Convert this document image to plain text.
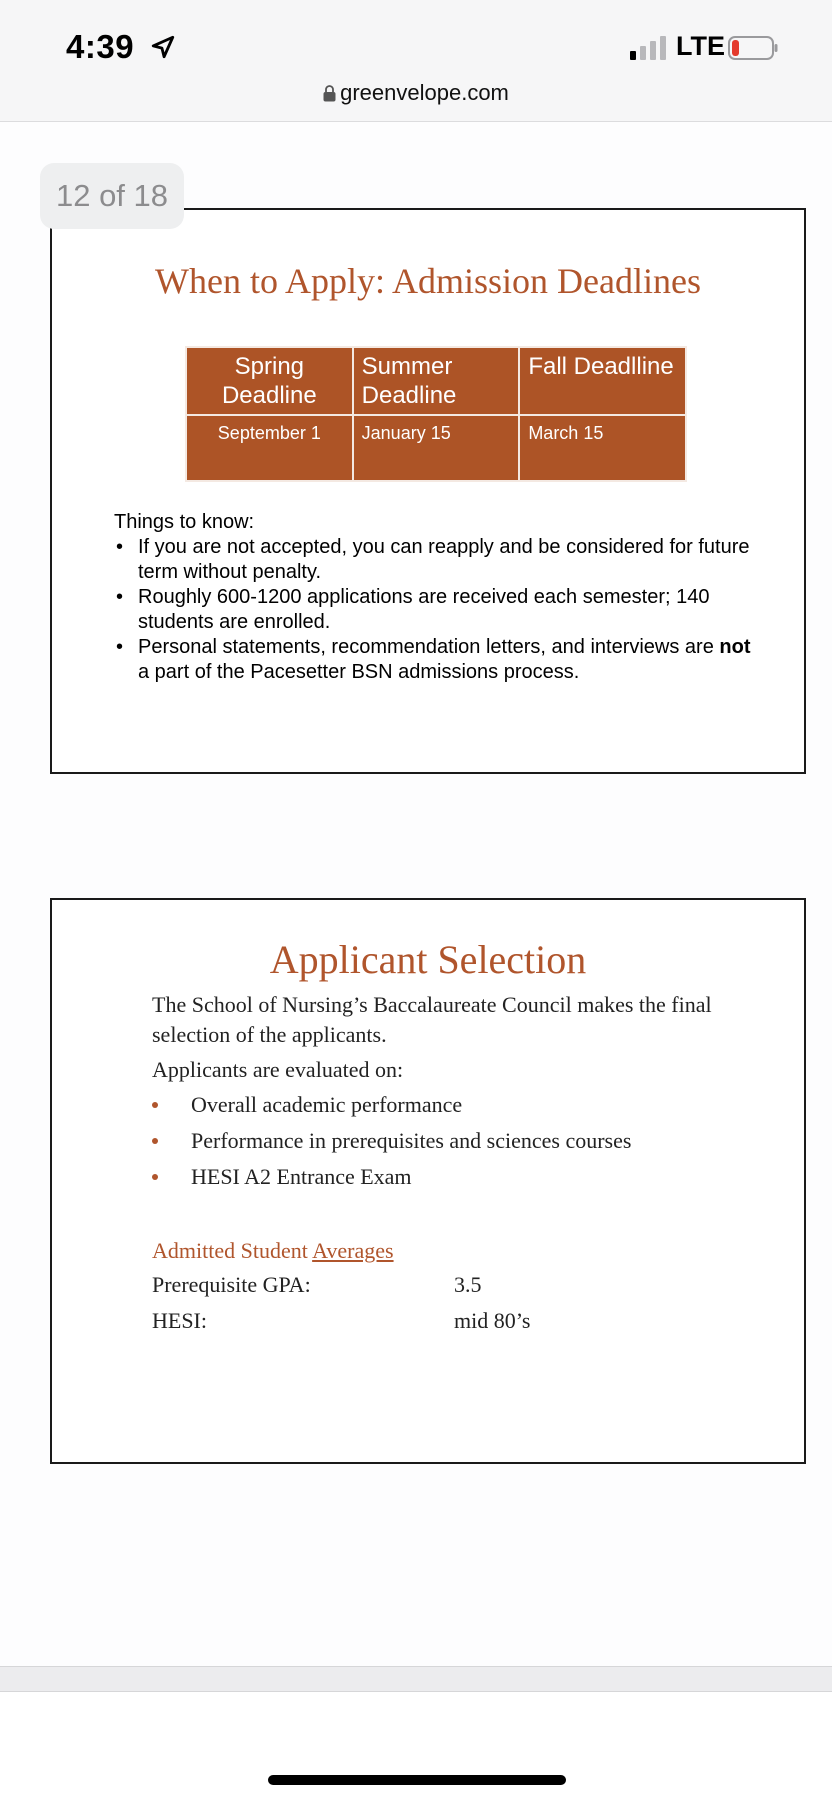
4:39	LTE
greenvelope.com
When to Apply: Admission Deadlines
Spring Deadline	Summer Deadline	Fall Deadlline
September 1	January 15	March 15
Things to know:
• If you are not accepted, you can reapply and be considered for future term without penalty.
• Roughly 600-1200 applications are received each semester; 140 students are enrolled.
• Personal statements, recommendation letters, and interviews are not a part of the Pacesetter BSN admissions process.
12 of 18
Applicant Selection
The School of Nursing’s Baccalaureate Council makes the final selection of the applicants.
Applicants are evaluated on:
Overall academic performance
Performance in prerequisites and sciences courses
HESI A2 Entrance Exam
Admitted Student Averages
Prerequisite GPA:	3.5
HESI:	mid 80’s
